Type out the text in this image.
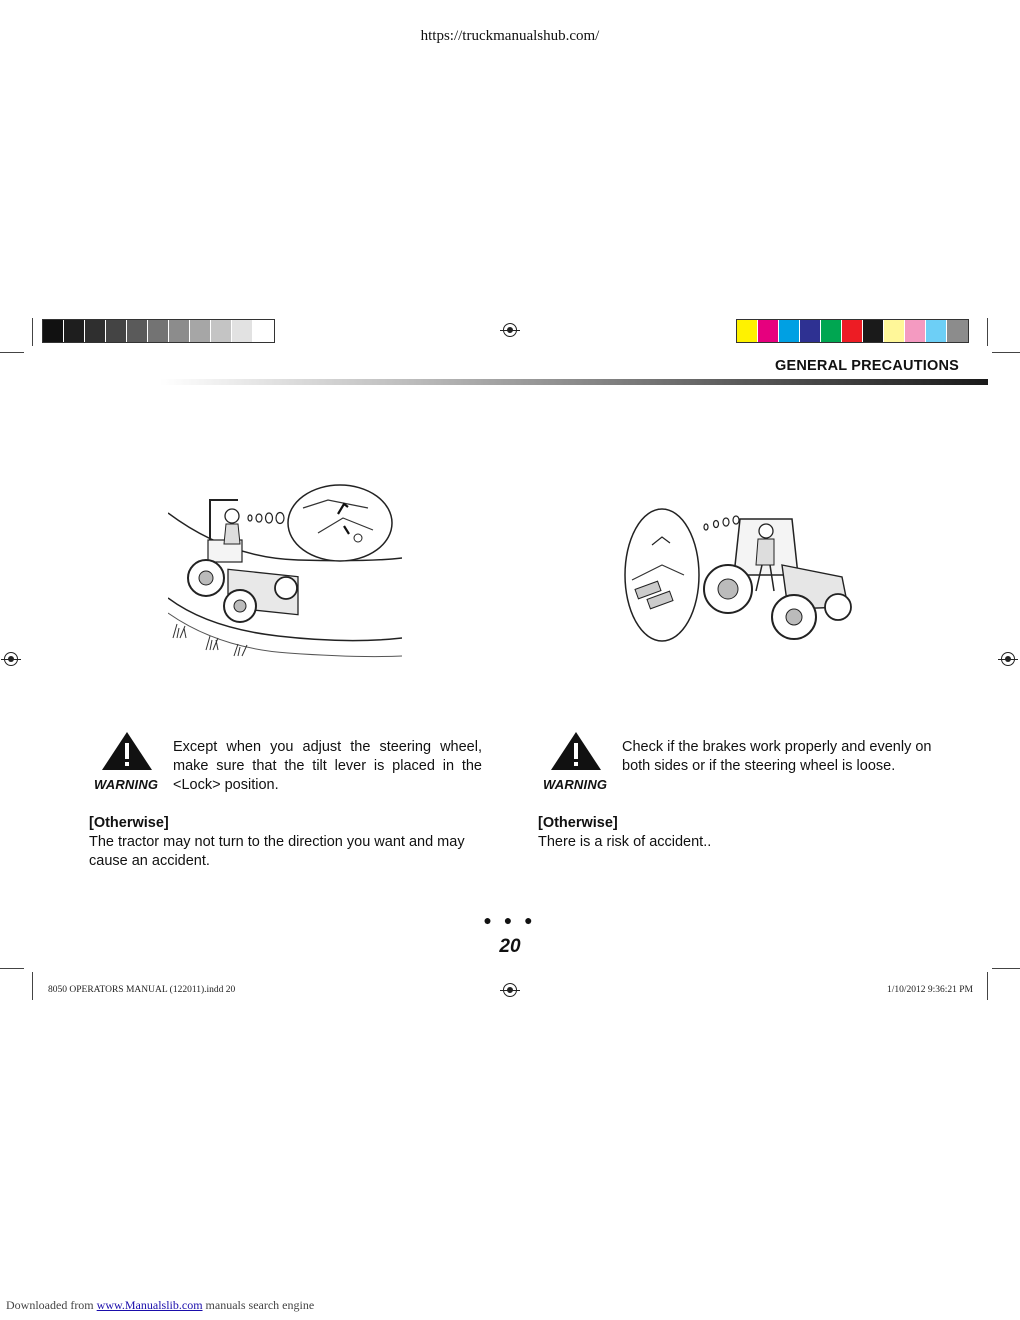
https://truckmanualshub.com/
GENERAL PRECAUTIONS
WARNING
Except when you adjust the steering wheel, make sure that the tilt lever is placed in the <Lock> position.
[Otherwise]
The tractor may not turn to the direction you want and may cause an accident.
WARNING
Check if the brakes work properly and evenly on both sides or if the steering wheel is loose.
[Otherwise]
There is a risk of accident..
● ● ●
20
8050 OPERATORS MANUAL (122011).indd 20	1/10/2012 9:36:21 PM
Downloaded from www.Manualslib.com manuals search engine
